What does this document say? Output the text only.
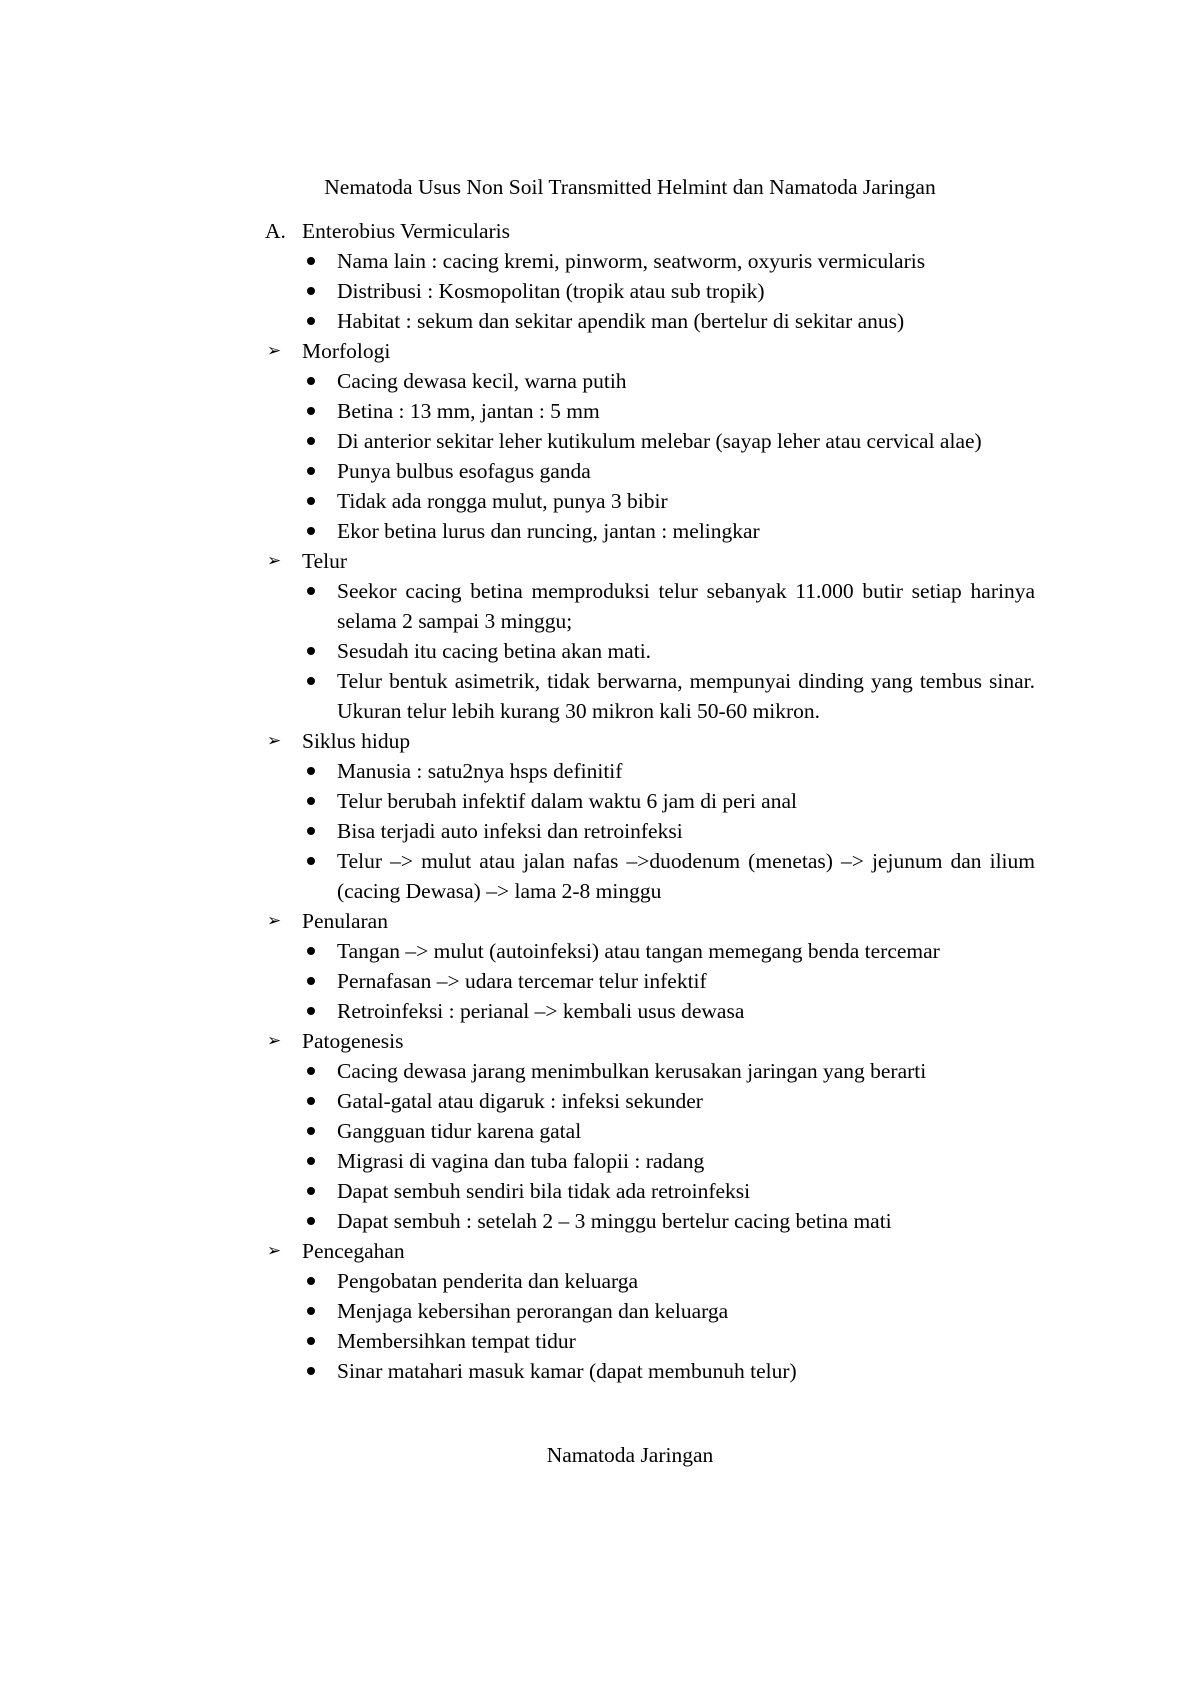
Nematoda Usus Non Soil Transmitted Helmint dan Namatoda Jaringan
A. Enterobius Vermicularis
Nama lain : cacing kremi, pinworm, seatworm, oxyuris vermicularis
Distribusi : Kosmopolitan (tropik atau sub tropik)
Habitat : sekum dan sekitar apendik man (bertelur di sekitar anus)
➢ Morfologi
Cacing dewasa kecil, warna putih
Betina : 13 mm, jantan : 5 mm
Di anterior sekitar leher kutikulum melebar (sayap leher atau cervical alae)
Punya bulbus esofagus ganda
Tidak ada rongga mulut, punya 3 bibir
Ekor betina lurus dan runcing, jantan : melingkar
➢ Telur
Seekor cacing betina memproduksi telur sebanyak 11.000 butir setiap harinya selama 2 sampai 3 minggu;
Sesudah itu cacing betina akan mati.
Telur bentuk asimetrik, tidak berwarna, mempunyai dinding yang tembus sinar. Ukuran telur lebih kurang 30 mikron kali 50-60 mikron.
➢ Siklus hidup
Manusia : satu2nya hsps definitif
Telur berubah infektif dalam waktu 6 jam di peri anal
Bisa terjadi auto infeksi dan retroinfeksi
Telur –> mulut atau jalan nafas –>duodenum (menetas) –> jejunum dan ilium (cacing Dewasa) –> lama 2-8 minggu
➢ Penularan
Tangan –> mulut (autoinfeksi) atau tangan memegang benda tercemar
Pernafasan –> udara tercemar telur infektif
Retroinfeksi : perianal –> kembali usus dewasa
➢ Patogenesis
Cacing dewasa jarang menimbulkan kerusakan jaringan yang berarti
Gatal-gatal atau digaruk : infeksi sekunder
Gangguan tidur karena gatal
Migrasi di vagina dan tuba falopii : radang
Dapat sembuh sendiri bila tidak ada retroinfeksi
Dapat sembuh : setelah 2 – 3 minggu bertelur cacing betina mati
➢ Pencegahan
Pengobatan penderita dan keluarga
Menjaga kebersihan perorangan dan keluarga
Membersihkan tempat tidur
Sinar matahari masuk kamar (dapat membunuh telur)
Namatoda Jaringan
